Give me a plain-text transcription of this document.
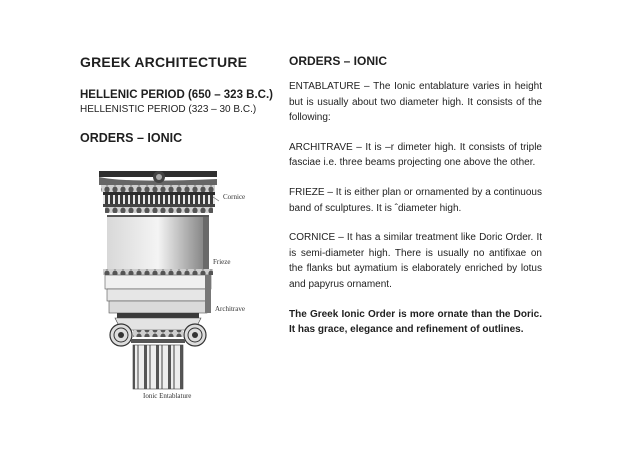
GREEK ARCHITECTURE

HELLENIC PERIOD (650 – 323 B.C.)

HELLENISTIC PERIOD (323 – 30 B.C.)

ORDERS – IONIC
Cornice
Frieze
Architrave
Ionic Entablature
ORDERS – IONIC

ENTABLATURE – The Ionic entablature varies in height but is usually about two diameter high. It consists of the following:

ARCHITRAVE – It is –r dimeter high. It consists of triple fasciae i.e. three beams projecting one above the other.

FRIEZE – It is either plan or ornamented by a continuous band of sculptures. It is ˆdiameter high.

CORNICE – It has a similar treatment like Doric Order. It is semi-diameter high. There is usually no antifixae on the flanks but aymatium is elaborately enriched by lotus and papyrus ornament.

The Greek Ionic Order is more ornate than the Doric. It has grace, elegance and refinement of outlines.
